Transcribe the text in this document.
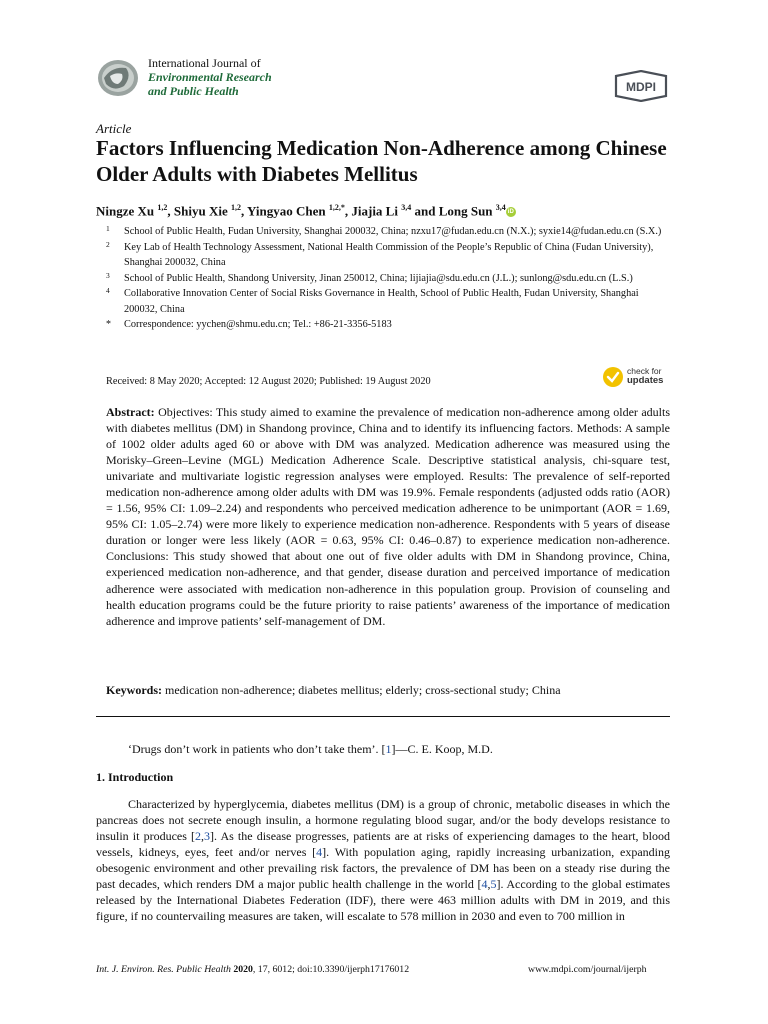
International Journal of
Environmental Research
and Public Health	MDPI
Article
Factors Influencing Medication Non-Adherence among Chinese Older Adults with Diabetes Mellitus
Ningze Xu $^{1,2}$, Shiyu Xie $^{1,2}$, Yingyao Chen $^{1,2,*}$, Jiajia Li $^{3,4}$ and Long Sun $^{3,4}$iD
1 School of Public Health, Fudan University, Shanghai 200032, China; nzxu17@fudan.edu.cn (N.X.); syxie14@fudan.edu.cn (S.X.)
2 Key Lab of Health Technology Assessment, National Health Commission of the People’s Republic of China (Fudan University), Shanghai 200032, China
3 School of Public Health, Shandong University, Jinan 250012, China; lijiajia@sdu.edu.cn (J.L.); sunlong@sdu.edu.cn (L.S.)
4 Collaborative Innovation Center of Social Risks Governance in Health, School of Public Health, Fudan University, Shanghai 200032, China
* Correspondence: yychen@shmu.edu.cn; Tel.: +86-21-3356-5183
Received: 8 May 2020; Accepted: 12 August 2020; Published: 19 August 2020
check for
updates
Abstract: Objectives: This study aimed to examine the prevalence of medication non-adherence among older adults with diabetes mellitus (DM) in Shandong province, China and to identify its influencing factors. Methods: A sample of 1002 older adults aged 60 or above with DM was analyzed. Medication adherence was measured using the Morisky–Green–Levine (MGL) Medication Adherence Scale. Descriptive statistical analysis, chi-square test, univariate and multivariate logistic regression analyses were employed. Results: The prevalence of self-reported medication non-adherence among older adults with DM was 19.9%. Female respondents (adjusted odds ratio (AOR) = 1.56, 95% CI: 1.09–2.24) and respondents who perceived medication adherence to be unimportant (AOR = 1.69, 95% CI: 1.05–2.74) were more likely to experience medication non-adherence. Respondents with 5 years of disease duration or longer were less likely (AOR = 0.63, 95% CI: 0.46–0.87) to experience medication non-adherence. Conclusions: This study showed that about one out of five older adults with DM in Shandong province, China, experienced medication non-adherence, and that gender, disease duration and perceived importance of medication adherence were associated with medication non-adherence in this population group. Provision of counseling and health education programs could be the future priority to raise patients’ awareness of the importance of medication adherence and improve patients’ self-management of DM.
Keywords: medication non-adherence; diabetes mellitus; elderly; cross-sectional study; China
‘Drugs don’t work in patients who don’t take them’. [1]—C. E. Koop, M.D.
1. Introduction
Characterized by hyperglycemia, diabetes mellitus (DM) is a group of chronic, metabolic diseases in which the pancreas does not secrete enough insulin, a hormone regulating blood sugar, and/or the body develops resistance to insulin it produces [2,3]. As the disease progresses, patients are at risks of experiencing damages to the heart, blood vessels, kidneys, eyes, feet and/or nerves [4]. With population aging, rapidly increasing urbanization, expanding obesogenic environment and other prevailing risk factors, the prevalence of DM has been on a steady rise during the past decades, which renders DM a major public health challenge in the world [4,5]. According to the global estimates released by the International Diabetes Federation (IDF), there were 463 million adults with DM in 2019, and this figure, if no countervailing measures are taken, will escalate to 578 million in 2030 and even to 700 million in
Int. J. Environ. Res. Public Health 2020, 17, 6012; doi:10.3390/ijerph17176012	www.mdpi.com/journal/ijerph
